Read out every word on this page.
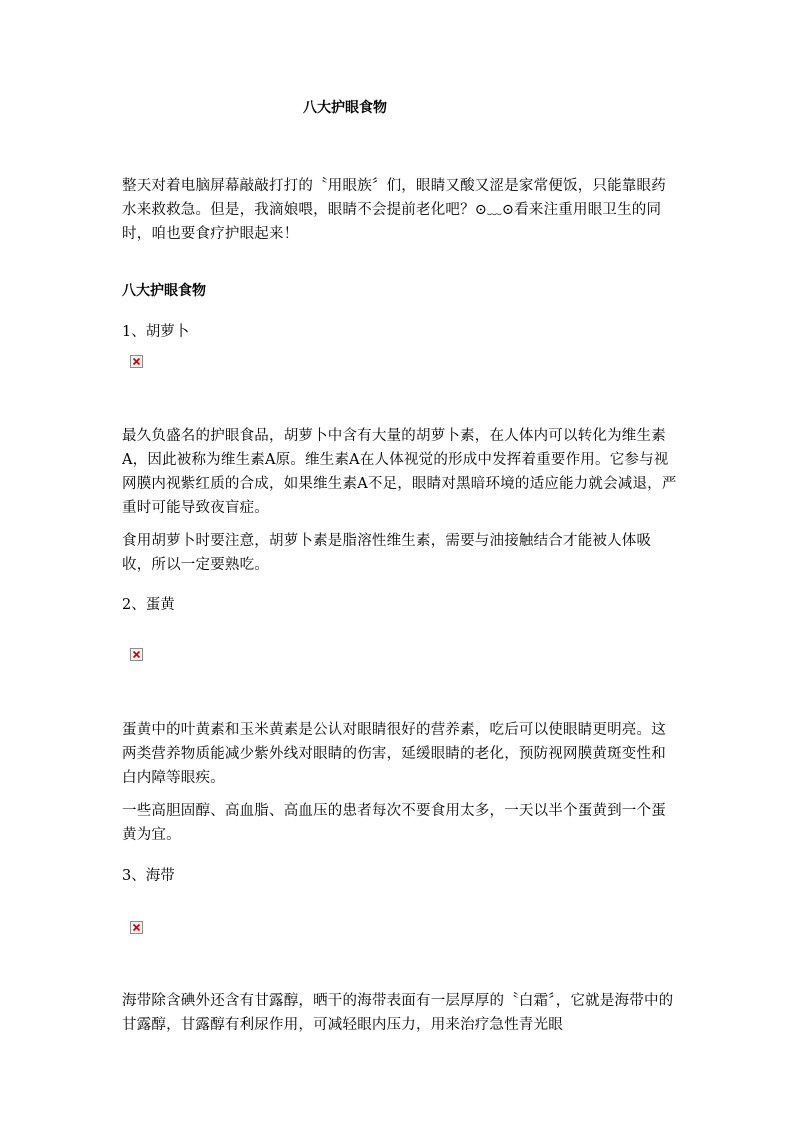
八大护眼食物
整天对着电脑屏幕敲敲打打的〝用眼族〞们，眼睛又酸又涩是家常便饭，只能靠眼药水来救救急。但是，我滴娘喂，眼睛不会提前老化吧？⊙﹏⊙看来注重用眼卫生的同时，咱也要食疗护眼起来！
八大护眼食物
1、胡萝卜
最久负盛名的护眼食品，胡萝卜中含有大量的胡萝卜素，在人体内可以转化为维生素A，因此被称为维生素A原。维生素A在人体视觉的形成中发挥着重要作用。它参与视网膜内视紫红质的合成，如果维生素A不足，眼睛对黑暗环境的适应能力就会减退，严重时可能导致夜盲症。
食用胡萝卜时要注意，胡萝卜素是脂溶性维生素，需要与油接触结合才能被人体吸收，所以一定要熟吃。
2、蛋黄
蛋黄中的叶黄素和玉米黄素是公认对眼睛很好的营养素，吃后可以使眼睛更明亮。这两类营养物质能减少紫外线对眼睛的伤害，延缓眼睛的老化，预防视网膜黄斑变性和白内障等眼疾。
一些高胆固醇、高血脂、高血压的患者每次不要食用太多，一天以半个蛋黄到一个蛋黄为宜。
3、海带
海带除含碘外还含有甘露醇，晒干的海带表面有一层厚厚的〝白霜〞，它就是海带中的甘露醇，甘露醇有利尿作用，可减轻眼内压力，用来治疗急性青光眼
